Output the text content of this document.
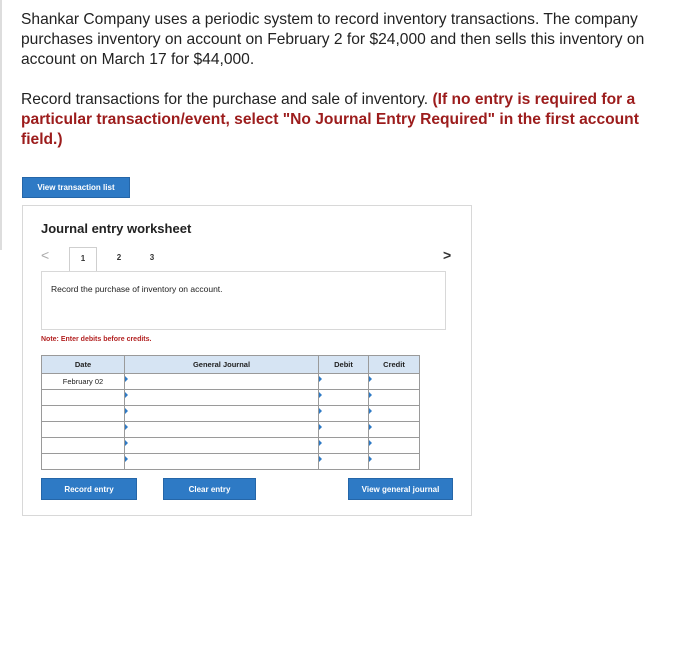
Shankar Company uses a periodic system to record inventory transactions. The company purchases inventory on account on February 2 for $24,000 and then sells this inventory on account on March 17 for $44,000.

Record transactions for the purchase and sale of inventory. (If no entry is required for a particular transaction/event, select "No Journal Entry Required" in the first account field.)

View transaction list
Journal entry worksheet
<	1	2	3	>
Record the purchase of inventory on account.
Note: Enter debits before credits.
Date	General Journal	Debit	Credit
February 02			

Record entry	Clear entry	View general journal
